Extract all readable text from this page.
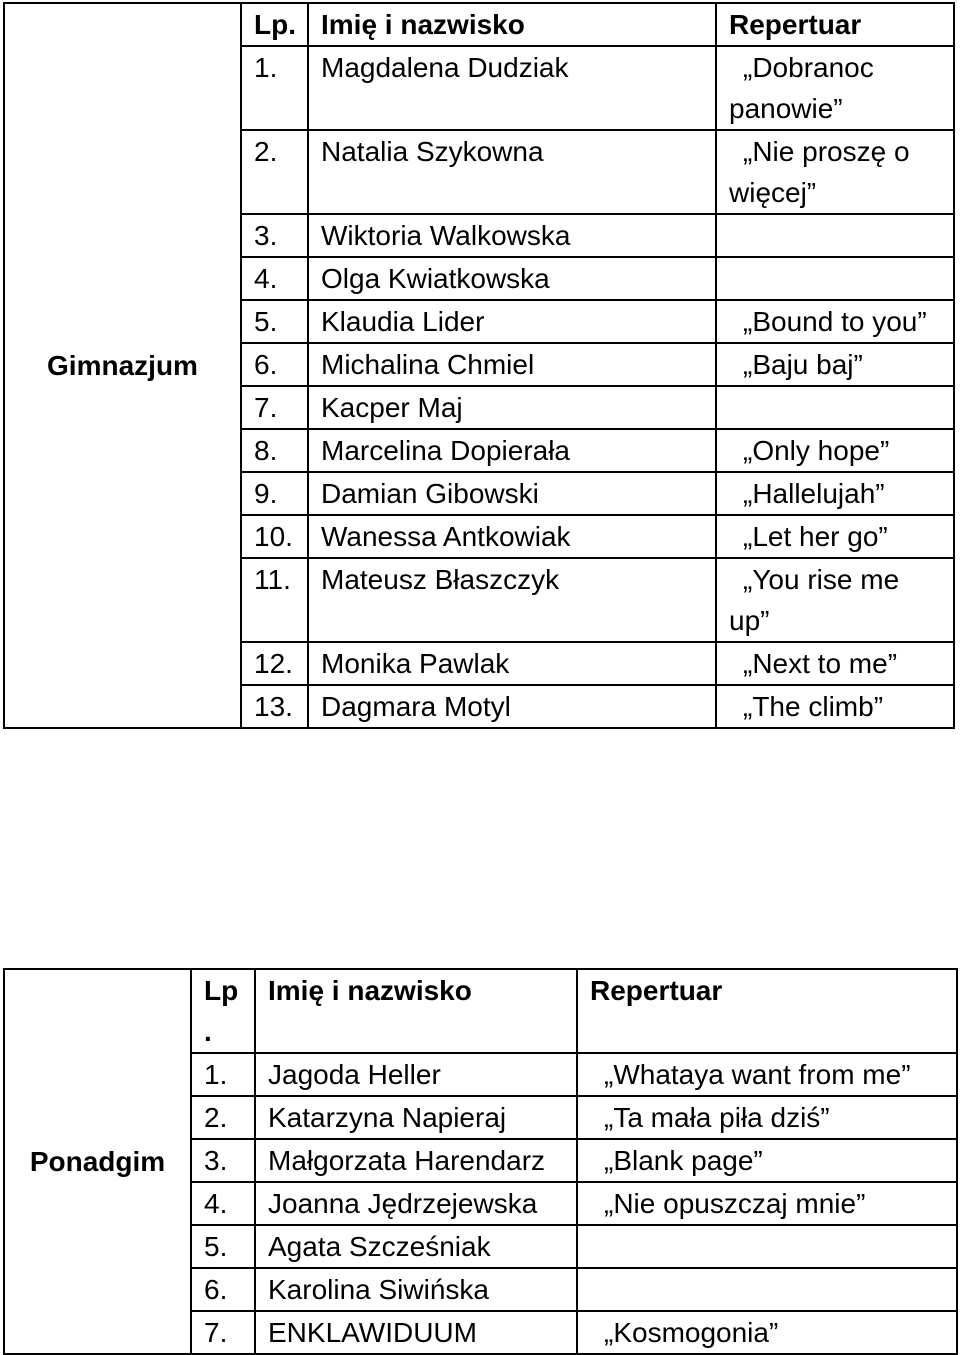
Gimnazjum	Lp.	Imię i nazwisko	Repertuar
	1.	Magdalena Dudziak	„Dobranoc
panowie”
	2.	Natalia Szykowna	„Nie proszę o
więcej”
	3.	Wiktoria Walkowska	
	4.	Olga Kwiatkowska	
	5.	Klaudia Lider	„Bound to you”
	6.	Michalina Chmiel	„Baju baj”
	7.	Kacper Maj	
	8.	Marcelina Dopierała	„Only hope”
	9.	Damian Gibowski	„Hallelujah”
	10.	Wanessa Antkowiak	„Let her go”
	11.	Mateusz Błaszczyk	„You rise me
up”
	12.	Monika Pawlak	„Next to me”
	13.	Dagmara Motyl	„The climb”
Ponadgim	Lp
.	Imię i nazwisko	Repertuar
	1.	Jagoda Heller	„Whataya want from me”
	2.	Katarzyna Napieraj	„Ta mała piła dziś”
	3.	Małgorzata Harendarz	„Blank page”
	4.	Joanna Jędrzejewska	„Nie opuszczaj mnie”
	5.	Agata Szcześniak	
	6.	Karolina Siwińska	
	7.	ENKLAWIDUUM	„Kosmogonia”
